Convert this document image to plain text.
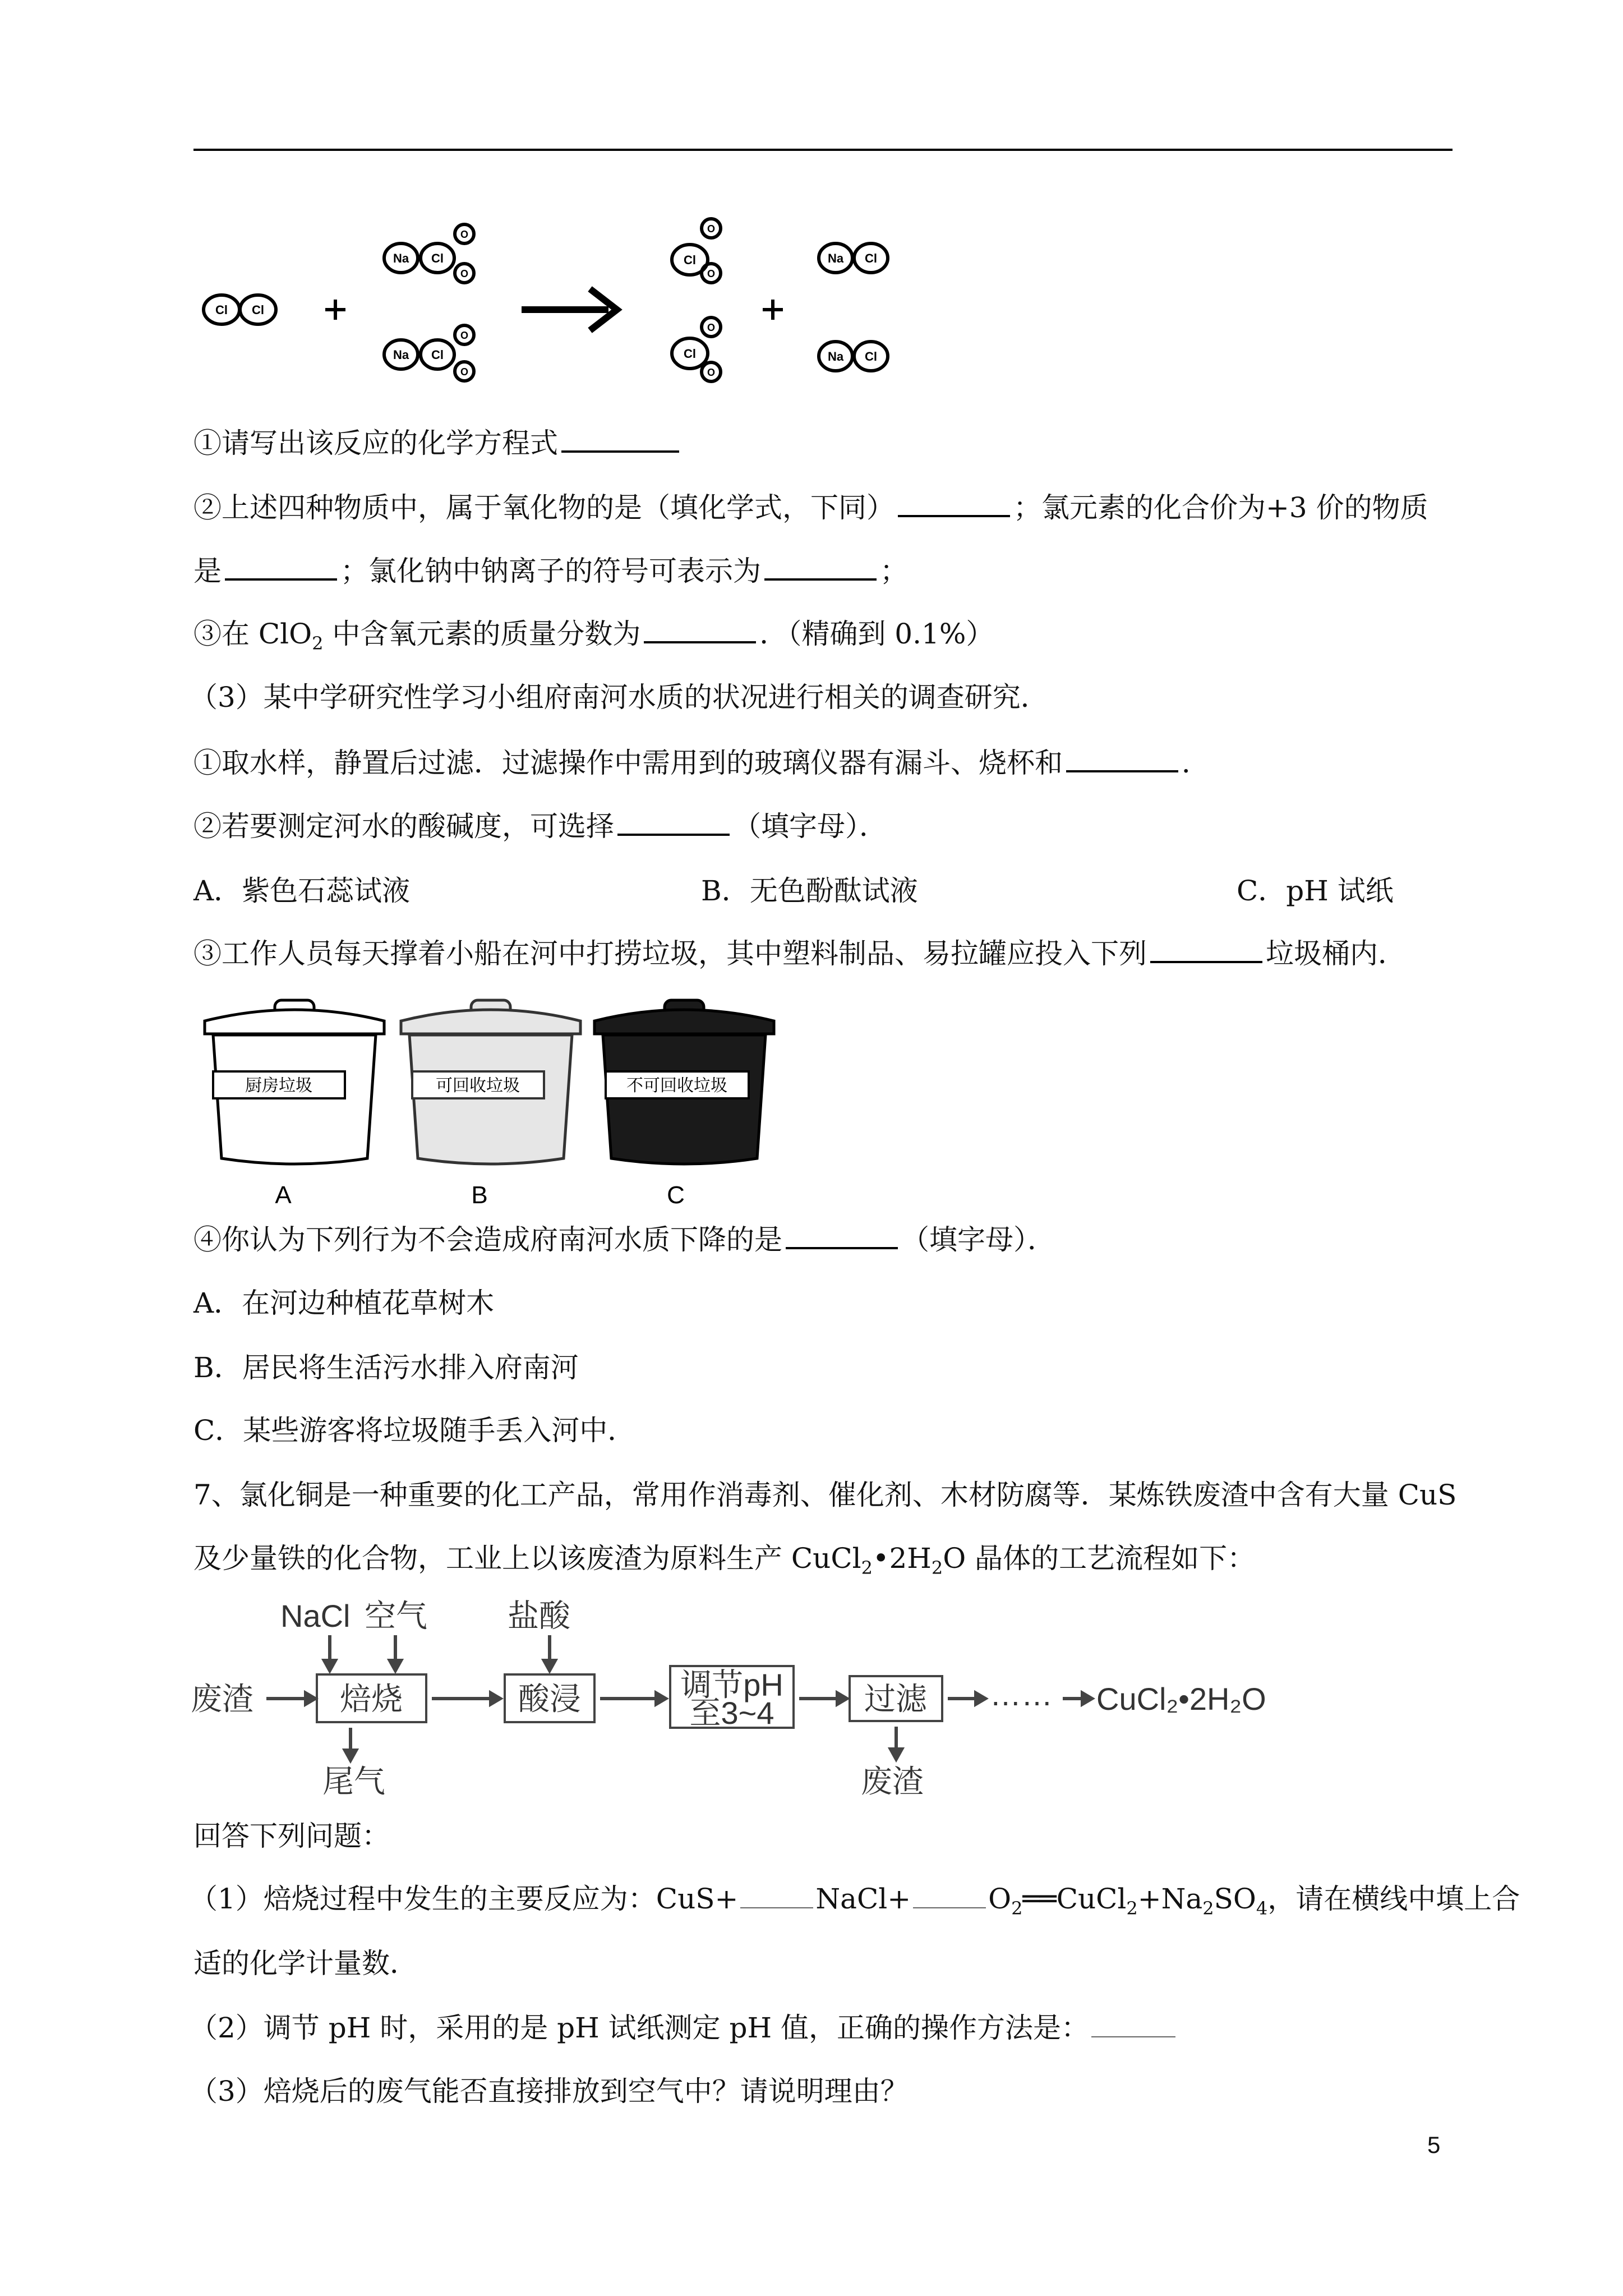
Cl Cl
Na Cl
O
O
Na Cl
O
O
Cl
O
O
Cl
O
O
Na Cl
Na Cl
①请写出该反应的化学方程式
②上述四种物质中，属于氧化物的是（填化学式，下同）	；氯元素的化合价为+3 价的物质
是	；氯化钠中钠离子的符号可表示为	；
③在 ClO$_2$ 中含氧元素的质量分数为	．（精确到 0.1%）
（3）某中学研究性学习小组府南河水质的状况进行相关的调查研究．
①取水样，静置后过滤．过滤操作中需用到的玻璃仪器有漏斗、烧杯和	．
②若要测定河水的酸碱度，可选择	（填字母）．
A．紫色石蕊试液	B．无色酚酞试液	C．pH 试纸
③工作人员每天撑着小船在河中打捞垃圾，其中塑料制品、易拉罐应投入下列	垃圾桶内．
厨房垃圾	可回收垃圾	不可回收垃圾
A	B	C
④你认为下列行为不会造成府南河水质下降的是	（填字母）．
A．在河边种植花草树木
B．居民将生活污水排入府南河
C．某些游客将垃圾随手丢入河中．
7、氯化铜是一种重要的化工产品，常用作消毒剂、催化剂、木材防腐等．某炼铁废渣中含有大量 CuS
及少量铁的化合物，工业上以该废渣为原料生产 $CuCl_2•2H_2O$ 晶体的工艺流程如下：
废渣
NaCl 空气	盐酸
焙烧	酸浸	调节pH
至3~4	过滤 …… CuCl₂•2H₂O
尾气	废渣
回答下列问题：
（1）焙烧过程中发生的主要反应为：CuS+	NaCl+	$O_2══CuCl_2+Na_2SO_4$，请在横线中填上合
适的化学计量数．
（2）调节 pH 时，采用的是 pH 试纸测定 pH 值，正确的操作方法是：
（3）焙烧后的废气能否直接排放到空气中？请说明理由？
5
